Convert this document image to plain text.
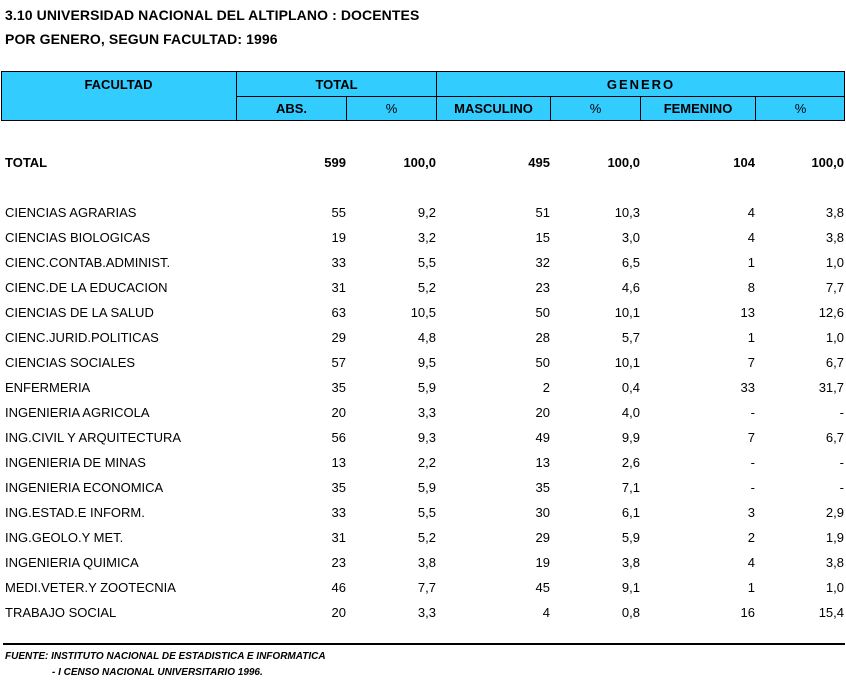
3.10 UNIVERSIDAD NACIONAL DEL ALTIPLANO : DOCENTES
POR GENERO, SEGUN FACULTAD: 1996
FACULTAD	TOTAL	GENERO
ABS.	%	MASCULINO	%	FEMENINO	%
TOTAL	599	100,0	495	100,0	104	100,0
CIENCIAS AGRARIAS	55	9,2	51	10,3	4	3,8
CIENCIAS BIOLOGICAS	19	3,2	15	3,0	4	3,8
CIENC.CONTAB.ADMINIST.	33	5,5	32	6,5	1	1,0
CIENC.DE LA EDUCACION	31	5,2	23	4,6	8	7,7
CIENCIAS DE LA SALUD	63	10,5	50	10,1	13	12,6
CIENC.JURID.POLITICAS	29	4,8	28	5,7	1	1,0
CIENCIAS SOCIALES	57	9,5	50	10,1	7	6,7
ENFERMERIA	35	5,9	2	0,4	33	31,7
INGENIERIA AGRICOLA	20	3,3	20	4,0	-	-
ING.CIVIL Y ARQUITECTURA	56	9,3	49	9,9	7	6,7
INGENIERIA DE MINAS	13	2,2	13	2,6	-	-
INGENIERIA ECONOMICA	35	5,9	35	7,1	-	-
ING.ESTAD.E INFORM.	33	5,5	30	6,1	3	2,9
ING.GEOLO.Y MET.	31	5,2	29	5,9	2	1,9
INGENIERIA QUIMICA	23	3,8	19	3,8	4	3,8
MEDI.VETER.Y ZOOTECNIA	46	7,7	45	9,1	1	1,0
TRABAJO SOCIAL	20	3,3	4	0,8	16	15,4
FUENTE: INSTITUTO NACIONAL DE ESTADISTICA E INFORMATICA
- I CENSO NACIONAL UNIVERSITARIO 1996.
